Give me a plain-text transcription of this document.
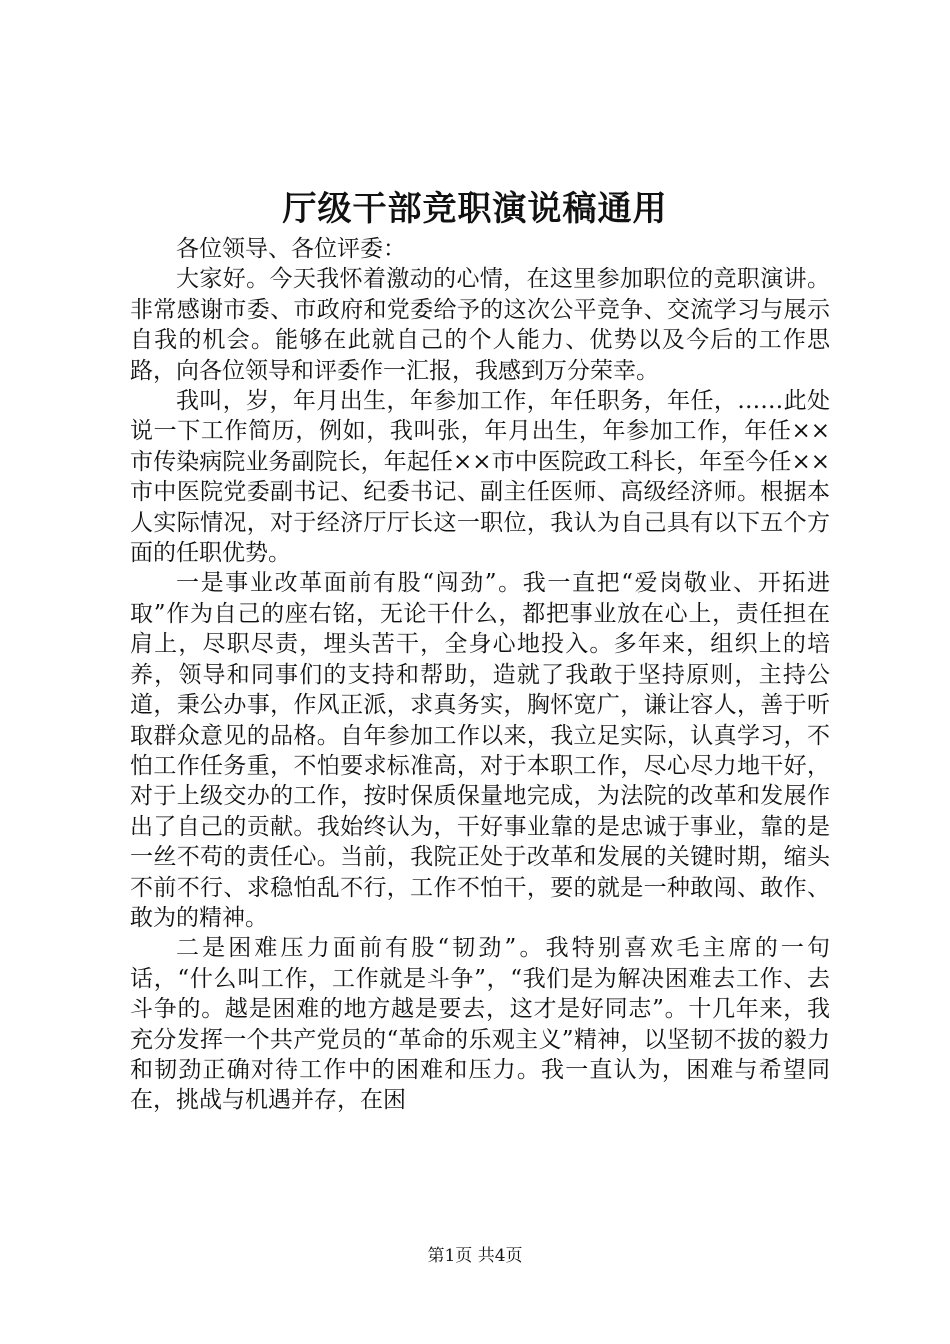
厅级干部竞职演说稿通用

各位领导、各位评委：

大家好。今天我怀着激动的心情，在这里参加职位的竞职演讲。非常感谢市委、市政府和党委给予的这次公平竞争、交流学习与展示自我的机会。能够在此就自己的个人能力、优势以及今后的工作思路，向各位领导和评委作一汇报，我感到万分荣幸。

我叫，岁，年月出生，年参加工作，年任职务，年任，……此处说一下工作简历，例如，我叫张，年月出生，年参加工作，年任××市传染病院业务副院长，年起任××市中医院政工科长，年至今任××市中医院党委副书记、纪委书记、副主任医师、高级经济师。根据本人实际情况，对于经济厅厅长这一职位，我认为自己具有以下五个方面的任职优势。

一是事业改革面前有股“闯劲”。我一直把“爱岗敬业、开拓进取”作为自己的座右铭，无论干什么，都把事业放在心上，责任担在肩上，尽职尽责，埋头苦干，全身心地投入。多年来，组织上的培养，领导和同事们的支持和帮助，造就了我敢于坚持原则，主持公道，秉公办事，作风正派，求真务实，胸怀宽广，谦让容人，善于听取群众意见的品格。自年参加工作以来，我立足实际，认真学习，不怕工作任务重，不怕要求标准高，对于本职工作，尽心尽力地干好，对于上级交办的工作，按时保质保量地完成，为法院的改革和发展作出了自己的贡献。我始终认为，干好事业靠的是忠诚于事业，靠的是一丝不苟的责任心。当前，我院正处于改革和发展的关键时期，缩头不前不行、求稳怕乱不行，工作不怕干，要的就是一种敢闯、敢作、敢为的精神。

二是困难压力面前有股“韧劲”。我特别喜欢毛主席的一句话，“什么叫工作，工作就是斗争”，“我们是为解决困难去工作、去斗争的。越是困难的地方越是要去，这才是好同志”。十几年来，我充分发挥一个共产党员的“革命的乐观主义”精神，以坚韧不拔的毅力和韧劲正确对待工作中的困难和压力。我一直认为，困难与希望同在，挑战与机遇并存，在困

第1页 共4页
